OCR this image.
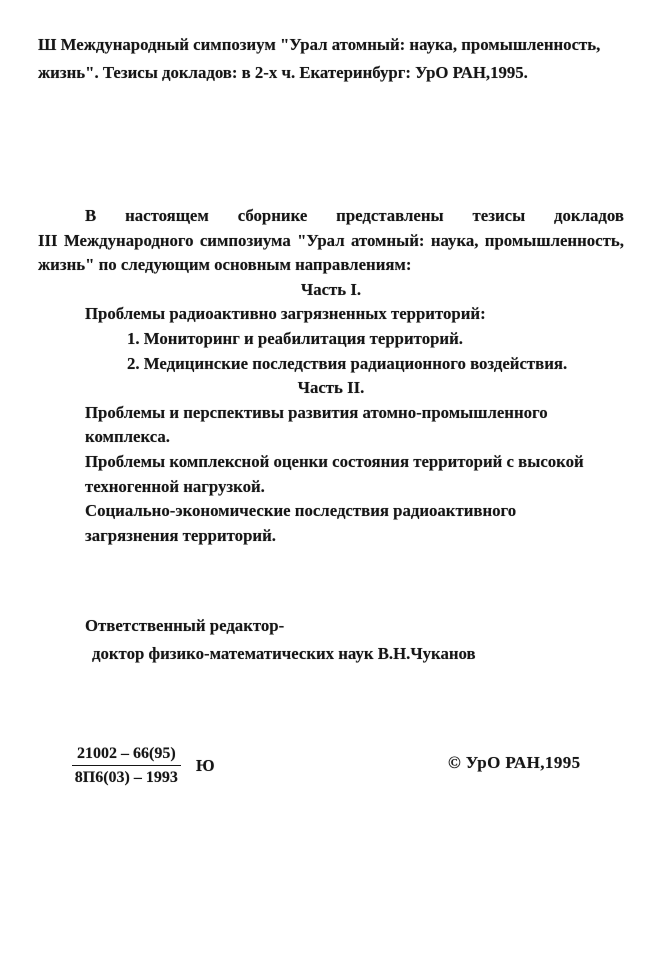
Ш Международный симпозиум "Урал атомный: наука, промышленность,
жизнь". Тезисы докладов: в 2-х ч. Екатеринбург: УрО РАН,1995.
В настоящем сборнике представлены тезисы докладов
III Международного симпозиума "Урал атомный: наука, промышленность,
жизнь" по следующим основным направлениям:
Часть I.
Проблемы радиоактивно загрязненных территорий:
1. Мониторинг и реабилитация территорий.
2. Медицинские последствия радиационного воздействия.
Часть II.
Проблемы и перспективы развития атомно-промышленного
комплекса.
Проблемы комплексной оценки состояния территорий с высокой
техногенной нагрузкой.
Социально-экономические последствия радиоактивного
загрязнения территорий.
Ответственный редактор-
доктор физико-математических наук В.Н.Чуканов
21002 – 66(95)
8П6(03) – 1993
Ю	© УрО РАН,1995
